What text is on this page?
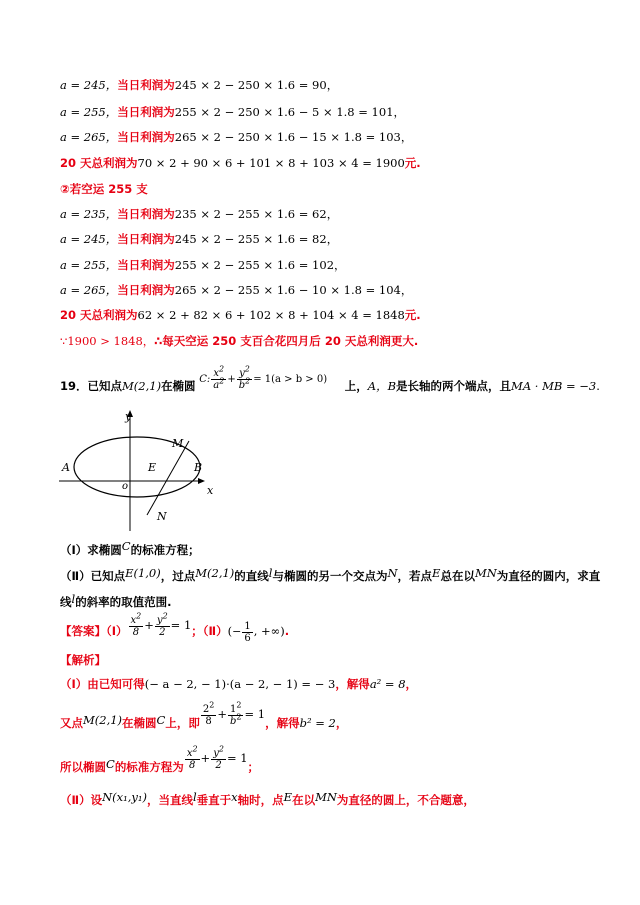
a = 245，当日利润为245 × 2 − 250 × 1.6 = 90，
a = 255，当日利润为255 × 2 − 250 × 1.6 − 5 × 1.8 = 101，
a = 265，当日利润为265 × 2 − 250 × 1.6 − 15 × 1.8 = 103，
20 天总利润为70 × 2 + 90 × 6 + 101 × 8 + 103 × 4 = 1900元.
②若空运 255 支
a = 235，当日利润为235 × 2 − 255 × 1.6 = 62，
a = 245，当日利润为245 × 2 − 255 × 1.6 = 82，
a = 255，当日利润为255 × 2 − 255 × 1.6 = 102，
a = 265，当日利润为265 × 2 − 255 × 1.6 − 10 × 1.8 = 104，
20 天总利润为62 × 2 + 82 × 6 + 102 × 8 + 104 × 4 = 1848元.
∵1900 > 1848，∴每天空运 250 支百合花四月后 20 天总利润更大.
19．已知点M(2,1)在椭圆 C: $\frac{x^2}{a^2} + \frac{y^2}{b^2} = 1(a > b > 0)$ 上，A，B是长轴的两个端点，且MA · MB = −3.
y
x
A	B
E
o
M
N
（Ⅰ）求椭圆C的标准方程；
（Ⅱ）已知点E(1,0)，过点M(2,1)的直线l与椭圆的另一个交点为N，若点E总在以MN为直径的圆内，求直
线l的斜率的取值范围.
【答案】（Ⅰ） $\frac{x^2}{8} + \frac{y^2}{2} = 1$；（Ⅱ）(− $\frac{1}{6}$ , +∞).
【解析】
（Ⅰ）由已知可得(− a − 2, − 1)·(a − 2, − 1) = − 3，解得a² = 8，
又点M(2,1)在椭圆C上，即 $\frac{2^2}{8} + \frac{1^2}{b^2} = 1$，解得b² = 2，
所以椭圆C的标准方程为 $\frac{x^2}{8} + \frac{y^2}{2} = 1$；
（Ⅱ）设N(x₁,y₁)，当直线l垂直于x轴时，点E在以MN为直径的圆上，不合题意，
